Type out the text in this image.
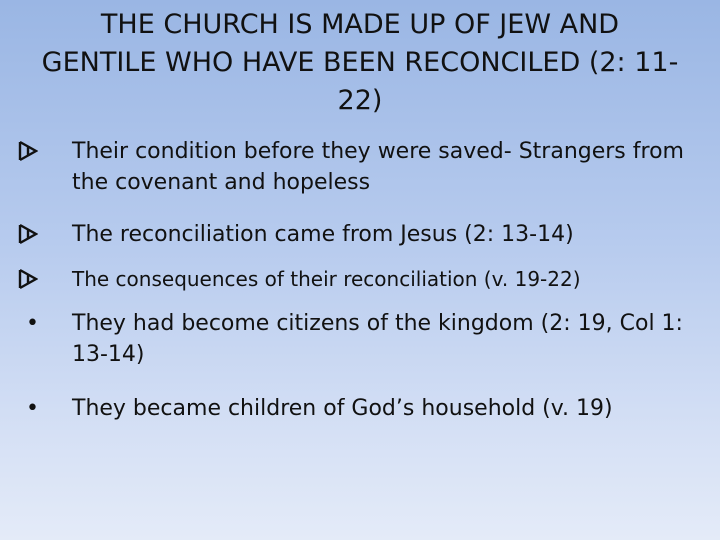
THE CHURCH IS MADE UP OF JEW AND GENTILE WHO HAVE BEEN RECONCILED (2: 11-22)
Their condition before they were saved- Strangers from the covenant and hopeless
The reconciliation came from Jesus (2: 13-14)
The consequences of their reconciliation (v. 19-22)
• They had become citizens of the kingdom (2: 19, Col 1: 13-14)
• They became children of God’s household (v. 19)
